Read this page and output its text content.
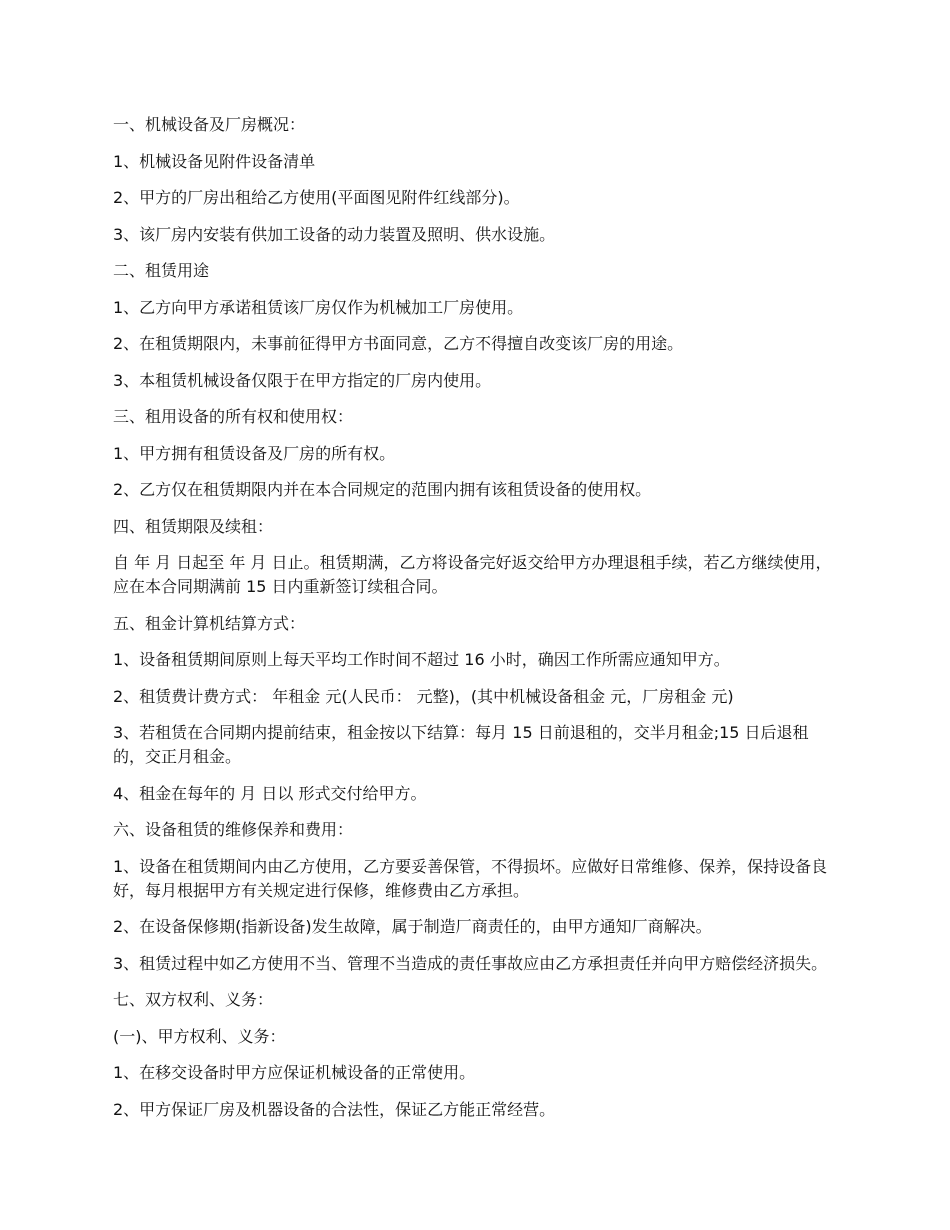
一、机械设备及厂房概况：

1、机械设备见附件设备清单

2、甲方的厂房出租给乙方使用(平面图见附件红线部分)。

3、该厂房内安装有供加工设备的动力装置及照明、供水设施。

二、租赁用途

1、乙方向甲方承诺租赁该厂房仅作为机械加工厂房使用。

2、在租赁期限内，未事前征得甲方书面同意，乙方不得擅自改变该厂房的用途。

3、本租赁机械设备仅限于在甲方指定的厂房内使用。

三、租用设备的所有权和使用权：

1、甲方拥有租赁设备及厂房的所有权。

2、乙方仅在租赁期限内并在本合同规定的范围内拥有该租赁设备的使用权。

四、租赁期限及续租：

自 年 月 日起至 年 月 日止。租赁期满，乙方将设备完好返交给甲方办理退租手续，若乙方继续使用，应在本合同期满前 15 日内重新签订续租合同。

五、租金计算机结算方式：

1、设备租赁期间原则上每天平均工作时间不超过 16 小时，确因工作所需应通知甲方。

2、租赁费计费方式： 年租金 元(人民币： 元整)，(其中机械设备租金 元，厂房租金 元)

3、若租赁在合同期内提前结束，租金按以下结算：每月 15 日前退租的，交半月租金;15 日后退租的，交正月租金。

4、租金在每年的 月 日以 形式交付给甲方。

六、设备租赁的维修保养和费用：

1、设备在租赁期间内由乙方使用，乙方要妥善保管，不得损坏。应做好日常维修、保养，保持设备良好，每月根据甲方有关规定进行保修，维修费由乙方承担。

2、在设备保修期(指新设备)发生故障，属于制造厂商责任的，由甲方通知厂商解决。

3、租赁过程中如乙方使用不当、管理不当造成的责任事故应由乙方承担责任并向甲方赔偿经济损失。

七、双方权利、义务：

(一)、甲方权利、义务：

1、在移交设备时甲方应保证机械设备的正常使用。

2、甲方保证厂房及机器设备的合法性，保证乙方能正常经营。
